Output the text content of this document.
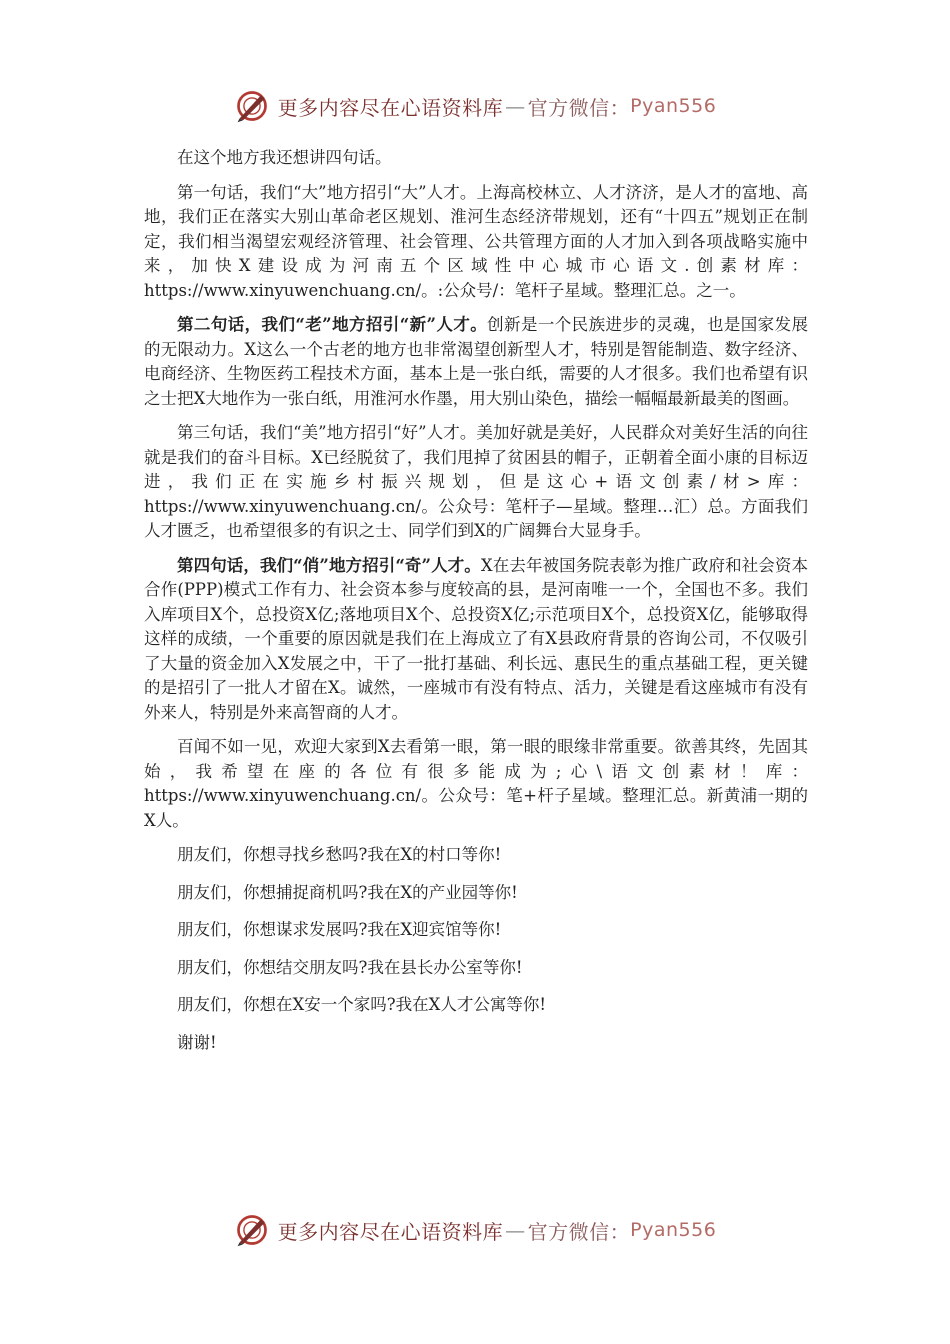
更多内容尽在心语资料库 — 官方微信： Pyan556

在这个地方我还想讲四句话。

第一句话，我们“大”地方招引“大”人才。上海高校林立、人才济济，是人才的富地、高地，我们正在落实大别山革命老区规划、淮河生态经济带规划，还有“十四五”规划正在制定，我们相当渴望宏观经济管理、社会管理、公共管理方面的人才加入到各项战略实施中来，加快X建设成为河南五个区域性中心城市心语文.创素材库：https://www.xinyuwenchuang.cn/。:公众号/：笔杆子星域。整理汇总。之一。

第二句话，我们“老”地方招引“新”人才。创新是一个民族进步的灵魂，也是国家发展的无限动力。X这么一个古老的地方也非常渴望创新型人才，特别是智能制造、数字经济、电商经济、生物医药工程技术方面，基本上是一张白纸，需要的人才很多。我们也希望有识之士把X大地作为一张白纸，用淮河水作墨，用大别山染色，描绘一幅幅最新最美的图画。

第三句话，我们“美”地方招引“好”人才。美加好就是美好，人民群众对美好生活的向往就是我们的奋斗目标。X已经脱贫了，我们甩掉了贫困县的帽子，正朝着全面小康的目标迈进，我们正在实施乡村振兴规划，但是这心+语文创素/材>库：https://www.xinyuwenchuang.cn/。公众号：笔杆子—星域。整理…汇）总。方面我们人才匮乏，也希望很多的有识之士、同学们到X的广阔舞台大显身手。

第四句话，我们“俏”地方招引“奇”人才。X在去年被国务院表彰为推广政府和社会资本合作(PPP)模式工作有力、社会资本参与度较高的县，是河南唯一一个，全国也不多。我们入库项目X个，总投资X亿;落地项目X个、总投资X亿;示范项目X个，总投资X亿，能够取得这样的成绩，一个重要的原因就是我们在上海成立了有X县政府背景的咨询公司，不仅吸引了大量的资金加入X发展之中，干了一批打基础、利长远、惠民生的重点基础工程，更关键的是招引了一批人才留在X。诚然，一座城市有没有特点、活力，关键是看这座城市有没有外来人，特别是外来高智商的人才。

百闻不如一见，欢迎大家到X去看第一眼，第一眼的眼缘非常重要。欲善其终，先固其始，我希望在座的各位有很多能成为;心\语文创素材！库：https://www.xinyuwenchuang.cn/。公众号：笔+杆子星域。整理汇总。新黄浦一期的X人。

朋友们，你想寻找乡愁吗?我在X的村口等你!

朋友们，你想捕捉商机吗?我在X的产业园等你!

朋友们，你想谋求发展吗?我在X迎宾馆等你!

朋友们，你想结交朋友吗?我在县长办公室等你!

朋友们，你想在X安一个家吗?我在X人才公寓等你!

谢谢!

更多内容尽在心语资料库 — 官方微信： Pyan556
